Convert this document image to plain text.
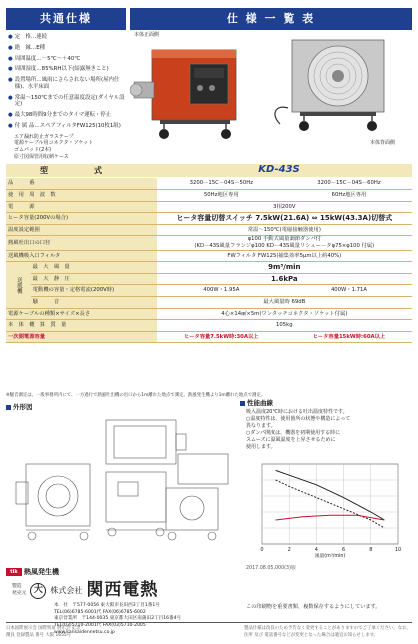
共通仕様	仕 様 一 覧 表
● 定　格…連続
● 絶　縁…E種
● 周囲温度…－5℃～＋40℃
● 周囲湿度…85%RH以下(結露無きこと)
● 設置場所…風雨にさらされない場所(屋内仕様)、水平床面
● 常温～150℃までの任意温度設定(ダイヤル設定)
● 最大98時間9分までのタイマ運転・停止
● 付 属 品…スペアフィルタFW125(10枚1組)
エア漏れ防止ガラステープ
電源ケーブル用コネクタ・ソケット
ゴムパッド(2本)
原寸図保管用収納ケース
本体正面側
本体背面側
型　　式	KD-43S
品　　　番		3200－15C－04S－50Hz	3200－15C－04S－60Hz
使　用　周　波　数		50Hz地区専用	60Hz地区専用
電　　　源		3相200V	

ヒータ容量(200Vの場合)		ヒータ容量切替スイッチ 7.5kW(21.6A) ⇔ 15kW(43.3A)切替式	

温度設定範囲		常温～150℃(電磁接触器使用)	

熱風吐出口の口径		φ100 手動式風量調節ダンパ付
(KD－43S風量フランジφ100 KD－43S風量リシュー－タφ75×φ100 付属)	

送風機吸入口フィルタ		FWフィルタ FW125(捕集効率5μm以上約40%)	

送風機	最　大　風　量	9m³/min	

	最　大　静　圧	1.6kPa	

	電動機の容量・定格電流(200V時)	400W・1.95A	400W・1.71A
	騒　　　音	最大風量時 69dB	

電源ケーブルの種類×サイズ×長さ		4心×14㎟×5m(ワンタッチコネクタ・ソケット付属)	

本　体　概　算　質　量		105kg	

一次側電源容量		ヒータ容量7.5kW時:30A以上	ヒータ容量15kW時:60A以上
※騒音測定は、一般事務所内にて、一方過行で熱風吐出機の出口から1m離れた地点で測定。熱風発生機より1m離れた地点で測定。
外形図	性能曲線
吸入温度20℃時における吐出温度特性です。
○温度特性は、使用箇所の状態や構造によって
異なります。
○ダンパ開度は、機器を初期使用する時に
スムーズに温風温度を上昇させるために
使用します。
0	2	4	6	8	10
風量(m³/min)
2017.08.05,000(3)版
tik 熱風発生機
製造
発売元 大 株式会社 関西電熱
本　社　〒577-0056 東大阪市長田西3丁目1番1号
TEL(06)6785-6001代 FAX(06)6785-6002
東京営業所　〒144-0035 東京都大田区南蒲田2丁目16番4号
TEL(03)5710-2001代 FAX(03)5710-2005
www.kansaidennetsu.co.jp
この印刷物を重要書類、複数保存するようにしています。
日本国際展示会 国際貿易 展示会 記念
優良 登録製品 番号 大阪 1655号
製品仕様は改良のため予告なく変更することがありますのでご了承ください。なお、住所 及び 電話番号などが変更となった場合は適宜お知らせします。
